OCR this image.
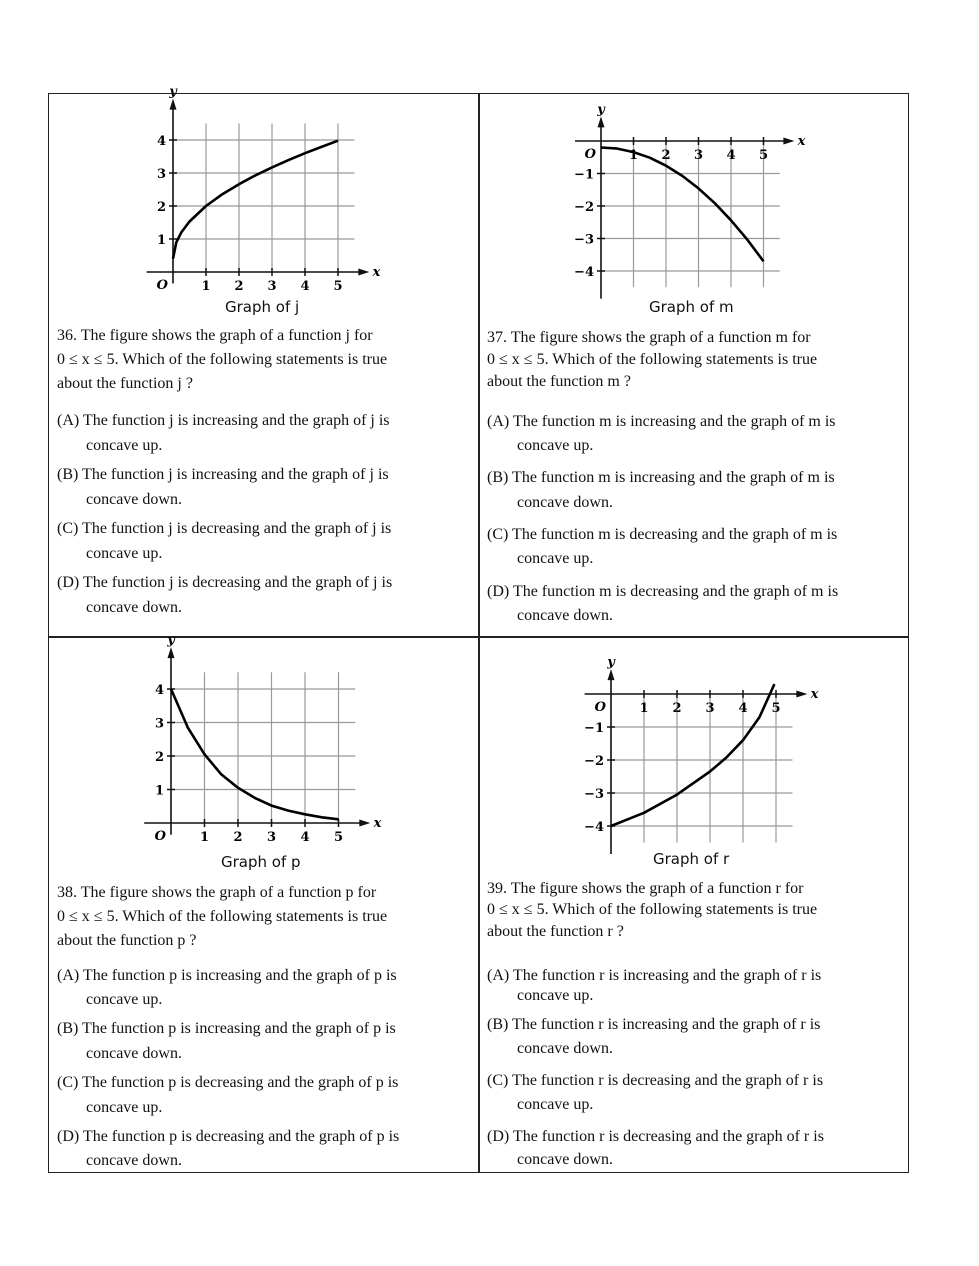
1 2 3 4 5
1
2
3
4
O
x
y
1 2 3 4 5
−1
−2
−3
−4
O
x
y
1 2 3 4 5
1
2
3
4
O
x
y
1 2 3 4 5
−1
−2
−3
−4
O
x
y
Graph of j
36. The figure shows the graph of a function j for
0 ≤ x ≤ 5. Which of the following statements is true
about the function j ?
(A) The function j is increasing and the graph of j is
concave up.
(B) The function j is increasing and the graph of j is
concave down.
(C) The function j is decreasing and the graph of j is
concave up.
(D) The function j is decreasing and the graph of j is
concave down.
Graph of m
37. The figure shows the graph of a function m for
0 ≤ x ≤ 5. Which of the following statements is true
about the function m ?
(A) The function m is increasing and the graph of m is
concave up.
(B) The function m is increasing and the graph of m is
concave down.
(C) The function m is decreasing and the graph of m is
concave up.
(D) The function m is decreasing and the graph of m is
concave down.
Graph of p
38. The figure shows the graph of a function p for
0 ≤ x ≤ 5. Which of the following statements is true
about the function p ?
(A) The function p is increasing and the graph of p is
concave up.
(B) The function p is increasing and the graph of p is
concave down.
(C) The function p is decreasing and the graph of p is
concave up.
(D) The function p is decreasing and the graph of p is
concave down.
Graph of r
39. The figure shows the graph of a function r for
0 ≤ x ≤ 5. Which of the following statements is true
about the function r ?
(A) The function r is increasing and the graph of r is
concave up.
(B) The function r is increasing and the graph of r is
concave down.
(C) The function r is decreasing and the graph of r is
concave up.
(D) The function r is decreasing and the graph of r is
concave down.
